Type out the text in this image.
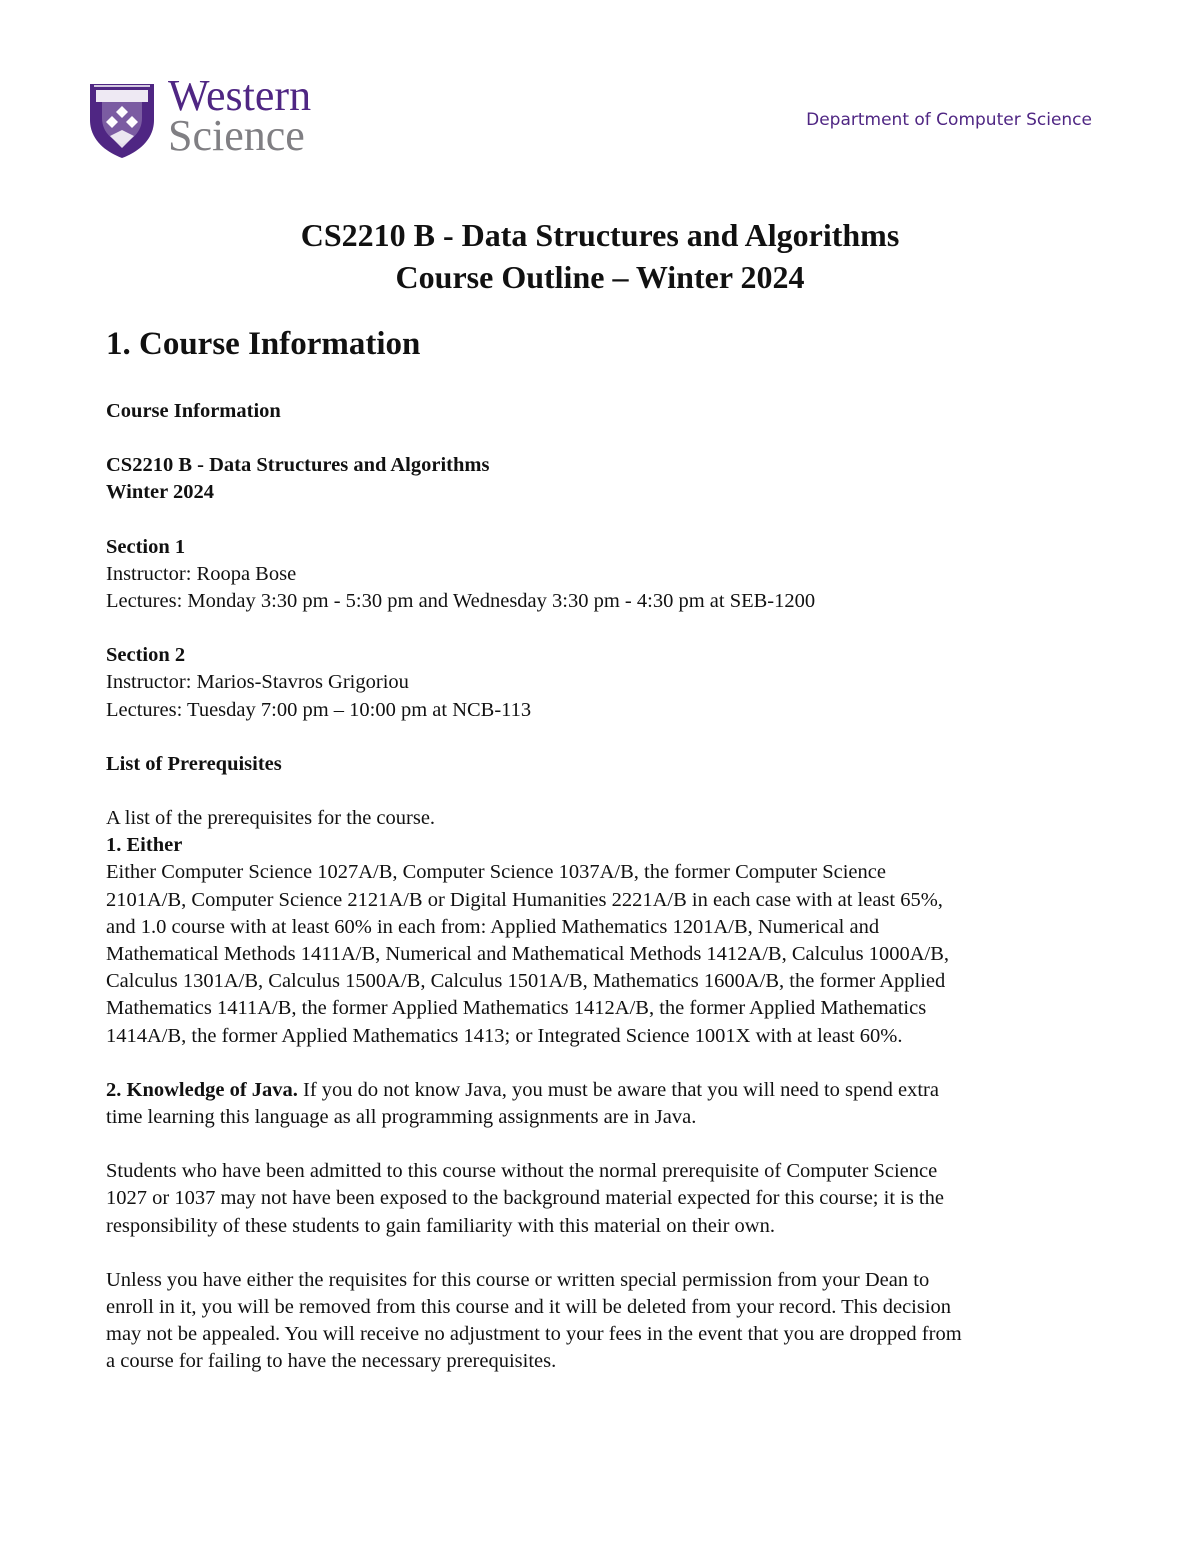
Western
Science	Department of Computer Science
CS2210 B - Data Structures and Algorithms
Course Outline – Winter 2024
1. Course Information

Course Information

CS2210 B - Data Structures and Algorithms

Winter 2024

Section 1

Instructor: Roopa Bose

Lectures: Monday 3:30 pm - 5:30 pm and Wednesday 3:30 pm - 4:30 pm at SEB-1200

Section 2

Instructor: Marios-Stavros Grigoriou

Lectures: Tuesday 7:00 pm – 10:00 pm at NCB-113

List of Prerequisites

A list of the prerequisites for the course.

1. Either

Either Computer Science 1027A/B, Computer Science 1037A/B, the former Computer Science
2101A/B, Computer Science 2121A/B or Digital Humanities 2221A/B in each case with at least 65%,
and 1.0 course with at least 60% in each from: Applied Mathematics 1201A/B, Numerical and
Mathematical Methods 1411A/B, Numerical and Mathematical Methods 1412A/B, Calculus 1000A/B,
Calculus 1301A/B, Calculus 1500A/B, Calculus 1501A/B, Mathematics 1600A/B, the former Applied
Mathematics 1411A/B, the former Applied Mathematics 1412A/B, the former Applied Mathematics
1414A/B, the former Applied Mathematics 1413; or Integrated Science 1001X with at least 60%.

2. Knowledge of Java. If you do not know Java, you must be aware that you will need to spend extra
time learning this language as all programming assignments are in Java.

Students who have been admitted to this course without the normal prerequisite of Computer Science
1027 or 1037 may not have been exposed to the background material expected for this course; it is the
responsibility of these students to gain familiarity with this material on their own.

Unless you have either the requisites for this course or written special permission from your Dean to
enroll in it, you will be removed from this course and it will be deleted from your record. This decision
may not be appealed. You will receive no adjustment to your fees in the event that you are dropped from
a course for failing to have the necessary prerequisites.
